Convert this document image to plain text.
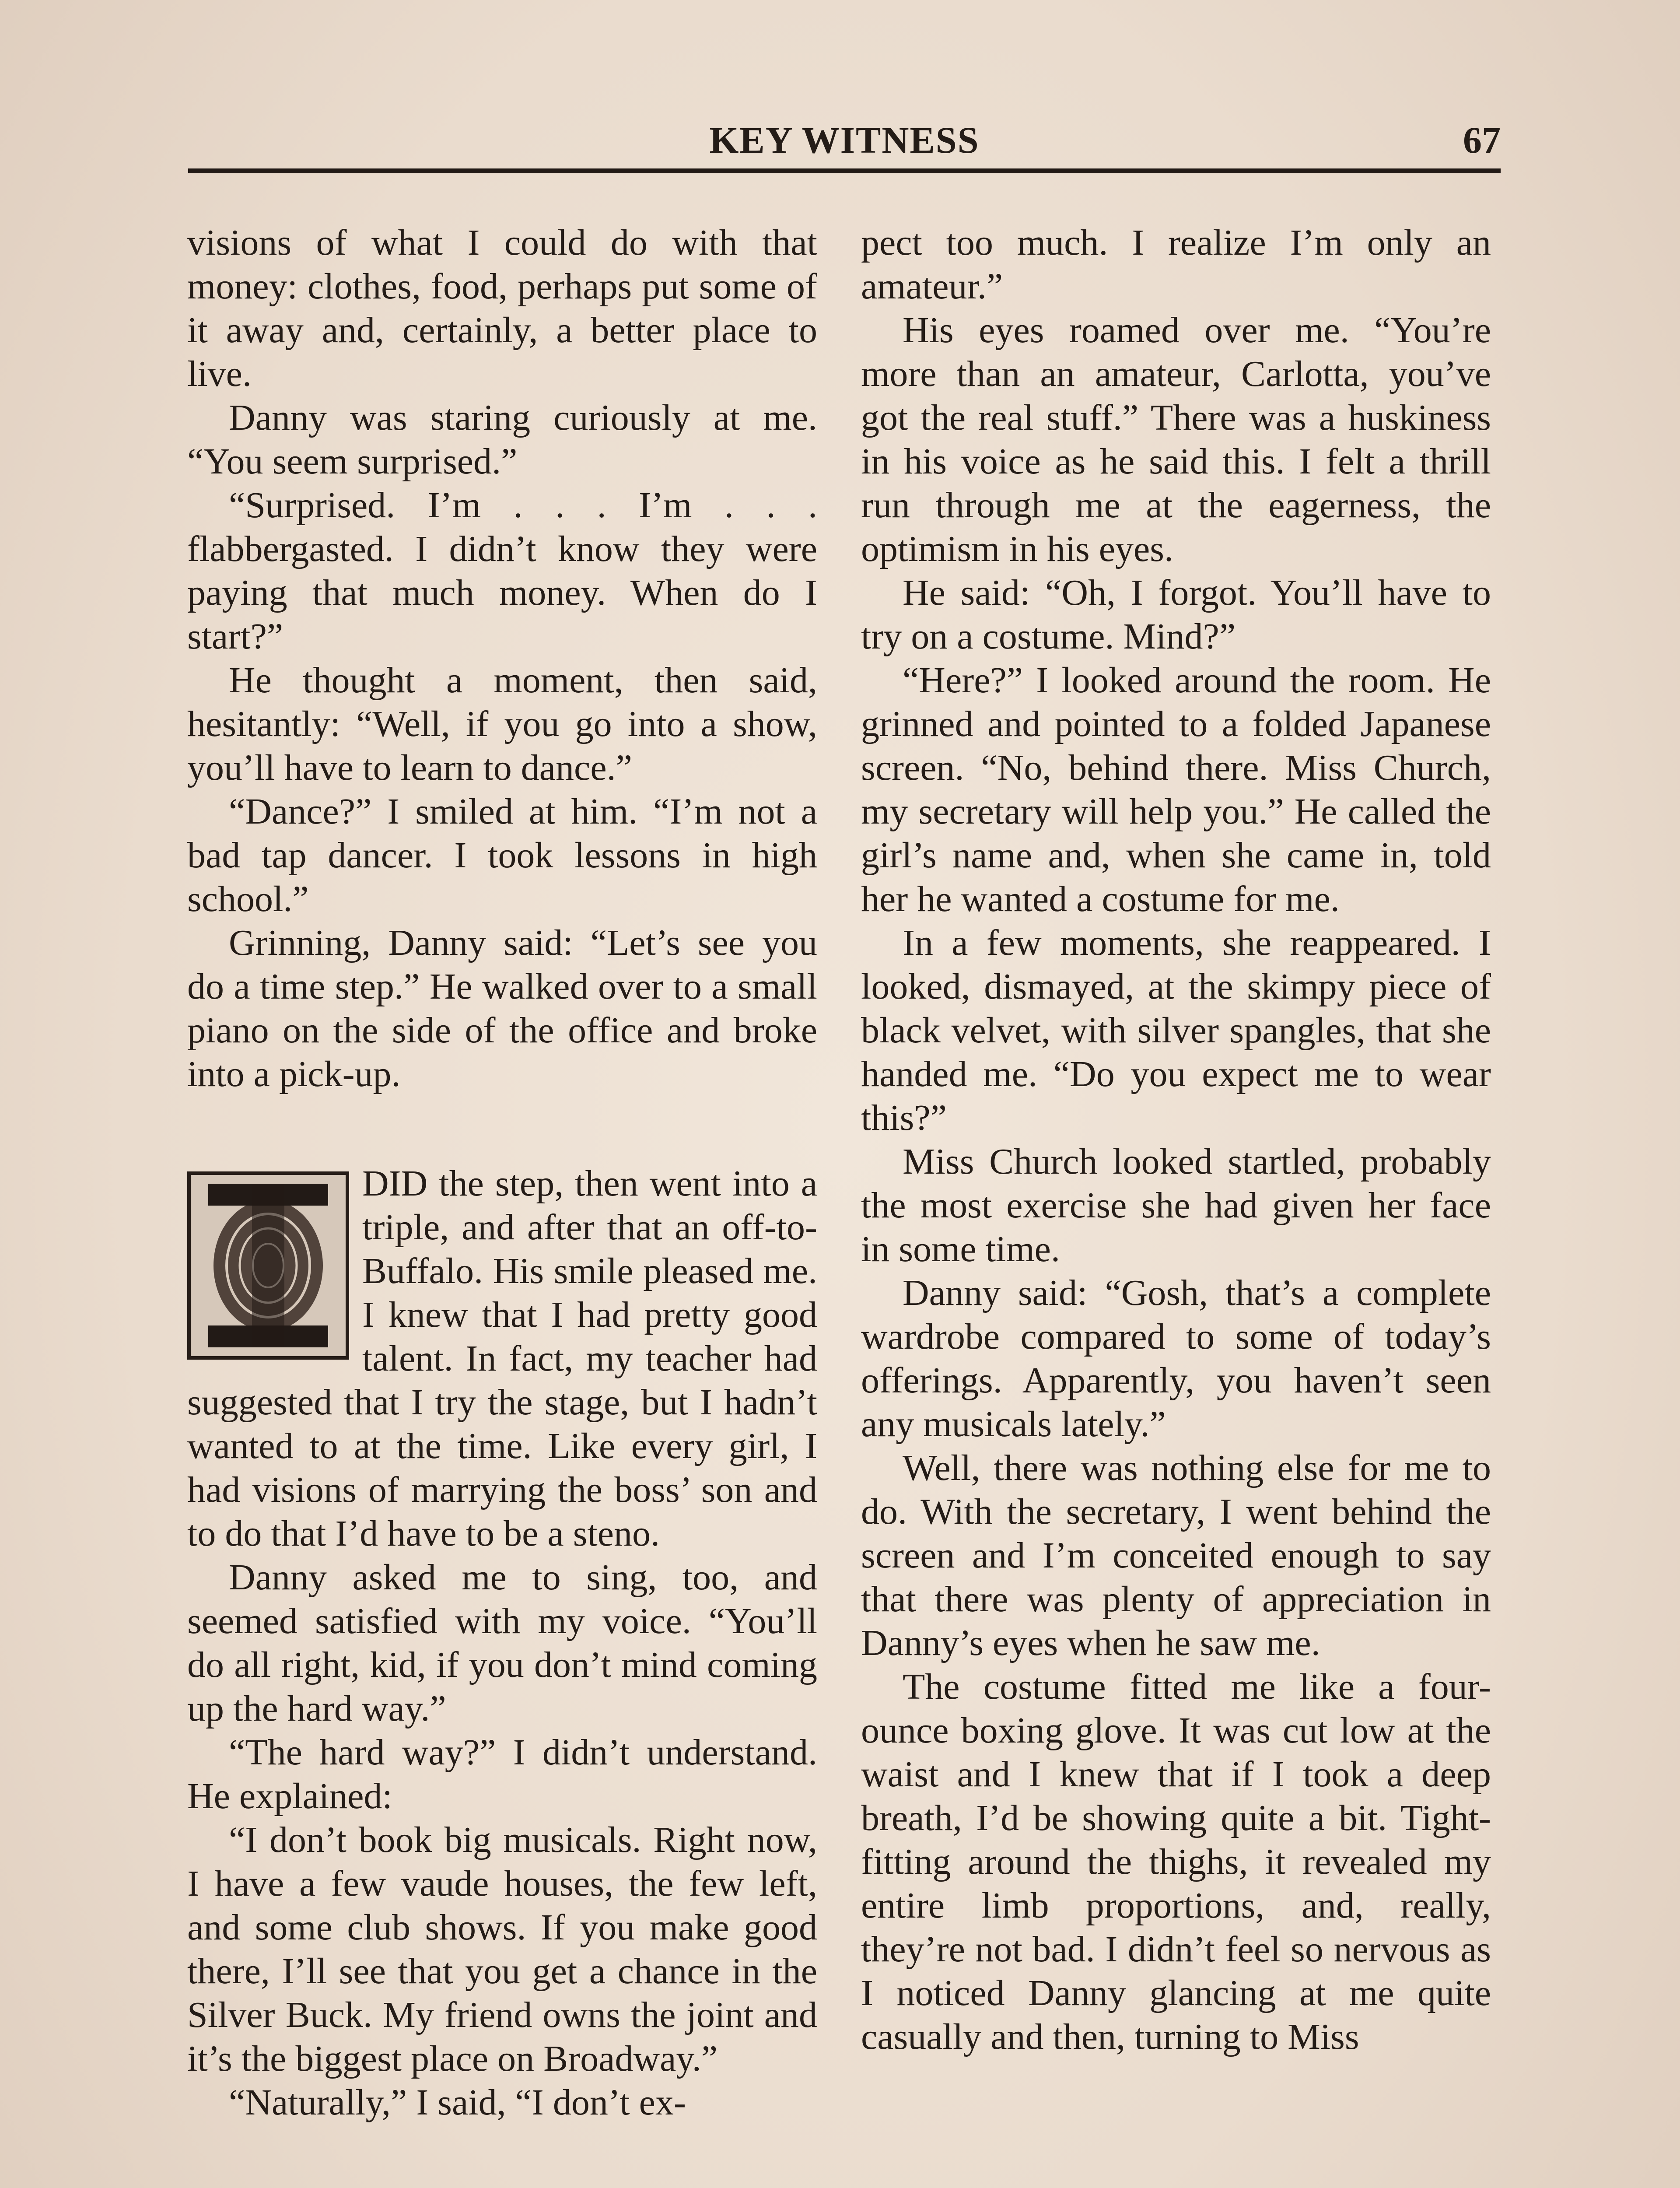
KEY WITNESS	67

visions of what I could do with that money: clothes, food, perhaps put some of it away and, certainly, a better place to live.

Danny was staring curiously at me. “You seem surprised.”

“Surprised. I’m . . . I’m . . . flabbergasted. I didn’t know they were paying that much money. When do I start?”

He thought a moment, then said, hesitantly: “Well, if you go into a show, you’ll have to learn to dance.”

“Dance?” I smiled at him. “I’m not a bad tap dancer. I took lessons in high school.”

Grinning, Danny said: “Let’s see you do a time step.” He walked over to a small piano on the side of the office and broke into a pick-up.

DID the step, then went into a triple, and after that an off-to-Buffalo. His smile pleased me. I knew that I had pretty good talent. In fact, my teacher had suggested that I try the stage, but I hadn’t wanted to at the time. Like every girl, I had visions of marrying the boss’ son and to do that I’d have to be a steno.

Danny asked me to sing, too, and seemed satisfied with my voice. “You’ll do all right, kid, if you don’t mind coming up the hard way.”

“The hard way?” I didn’t understand. He explained:

“I don’t book big musicals. Right now, I have a few vaude houses, the few left, and some club shows. If you make good there, I’ll see that you get a chance in the Silver Buck. My friend owns the joint and it’s the biggest place on Broadway.”

“Naturally,” I said, “I don’t ex-

pect too much. I realize I’m only an amateur.”

His eyes roamed over me. “You’re more than an amateur, Carlotta, you’ve got the real stuff.” There was a huskiness in his voice as he said this. I felt a thrill run through me at the eagerness, the optimism in his eyes.

He said: “Oh, I forgot. You’ll have to try on a costume. Mind?”

“Here?” I looked around the room. He grinned and pointed to a folded Japanese screen. “No, behind there. Miss Church, my secretary will help you.” He called the girl’s name and, when she came in, told her he wanted a costume for me.

In a few moments, she reappeared. I looked, dismayed, at the skimpy piece of black velvet, with silver spangles, that she handed me. “Do you expect me to wear this?”

Miss Church looked startled, probably the most exercise she had given her face in some time.

Danny said: “Gosh, that’s a complete wardrobe compared to some of today’s offerings. Apparently, you haven’t seen any musicals lately.”

Well, there was nothing else for me to do. With the secretary, I went behind the screen and I’m conceited enough to say that there was plenty of appreciation in Danny’s eyes when he saw me.

The costume fitted me like a four-ounce boxing glove. It was cut low at the waist and I knew that if I took a deep breath, I’d be showing quite a bit. Tight-fitting around the thighs, it revealed my entire limb proportions, and, really, they’re not bad. I didn’t feel so nervous as I noticed Danny glancing at me quite casually and then, turning to Miss
